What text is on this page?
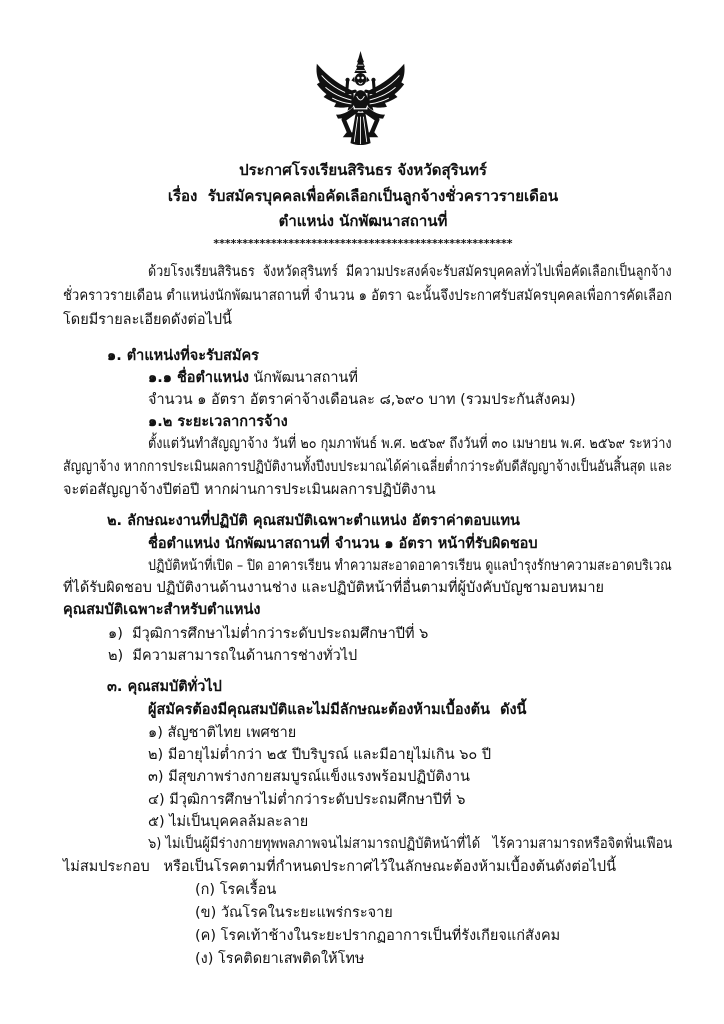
ประกาศโรงเรียนสิรินธร จังหวัดสุรินทร์
เรื่อง  รับสมัครบุคคลเพื่อคัดเลือกเป็นลูกจ้างชั่วคราวรายเดือน
ตำแหน่ง นักพัฒนาสถานที่
****************************************************
ด้วยโรงเรียนสิรินธร  จังหวัดสุรินทร์  มีความประสงค์จะรับสมัครบุคคลทั่วไปเพื่อคัดเลือกเป็นลูกจ้าง
ชั่วคราวรายเดือน ตำแหน่งนักพัฒนาสถานที่ จำนวน ๑ อัตรา ฉะนั้นจึงประกาศรับสมัครบุคคลเพื่อการคัดเลือก
โดยมีรายละเอียดดังต่อไปนี้
๑. ตำแหน่งที่จะรับสมัคร
๑.๑ ชื่อตำแหน่ง นักพัฒนาสถานที่
จำนวน ๑ อัตรา อัตราค่าจ้างเดือนละ ๘,๖๙๐ บาท (รวมประกันสังคม)
๑.๒ ระยะเวลาการจ้าง
ตั้งแต่วันทำสัญญาจ้าง วันที่ ๒๐ กุมภาพันธ์ พ.ศ. ๒๕๖๙ ถึงวันที่ ๓๐ เมษายน พ.ศ. ๒๕๖๙ ระหว่าง
สัญญาจ้าง หากการประเมินผลการปฏิบัติงานทั้งปีงบประมาณได้ค่าเฉลี่ยต่ำกว่าระดับดีสัญญาจ้างเป็นอันสิ้นสุด และ
จะต่อสัญญาจ้างปีต่อปี หากผ่านการประเมินผลการปฏิบัติงาน
๒. ลักษณะงานที่ปฏิบัติ คุณสมบัติเฉพาะตำแหน่ง อัตราค่าตอบแทน
ชื่อตำแหน่ง นักพัฒนาสถานที่ จำนวน ๑ อัตรา หน้าที่รับผิดชอบ
ปฏิบัติหน้าที่เปิด – ปิด อาคารเรียน ทำความสะอาดอาคารเรียน ดูแลบำรุงรักษาความสะอาดบริเวณ
ที่ได้รับผิดชอบ ปฏิบัติงานด้านงานช่าง และปฏิบัติหน้าที่อื่นตามที่ผู้บังคับบัญชามอบหมาย
คุณสมบัติเฉพาะสำหรับตำแหน่ง
๑)  มีวุฒิการศึกษาไม่ต่ำกว่าระดับประถมศึกษาปีที่ ๖
๒)  มีความสามารถในด้านการช่างทั่วไป
๓. คุณสมบัติทั่วไป
ผู้สมัครต้องมีคุณสมบัติและไม่มีลักษณะต้องห้ามเบื้องต้น  ดังนี้
๑) สัญชาติไทย เพศชาย
๒) มีอายุไม่ต่ำกว่า ๒๕ ปีบริบูรณ์ และมีอายุไม่เกิน ๖๐ ปี
๓) มีสุขภาพร่างกายสมบูรณ์แข็งแรงพร้อมปฏิบัติงาน
๔) มีวุฒิการศึกษาไม่ต่ำกว่าระดับประถมศึกษาปีที่ ๖
๕) ไม่เป็นบุคคลล้มละลาย
๖) ไม่เป็นผู้มีร่างกายทุพพลภาพจนไม่สามารถปฏิบัติหน้าที่ได้   ไร้ความสามารถหรือจิตฟั่นเฟือน
ไม่สมประกอบ   หรือเป็นโรคตามที่กำหนดประกาศไว้ในลักษณะต้องห้ามเบื้องต้นดังต่อไปนี้
(ก) โรคเรื้อน
(ข) วัณโรคในระยะแพร่กระจาย
(ค) โรคเท้าช้างในระยะปรากฏอาการเป็นที่รังเกียจแก่สังคม
(ง) โรคติดยาเสพติดให้โทษ
